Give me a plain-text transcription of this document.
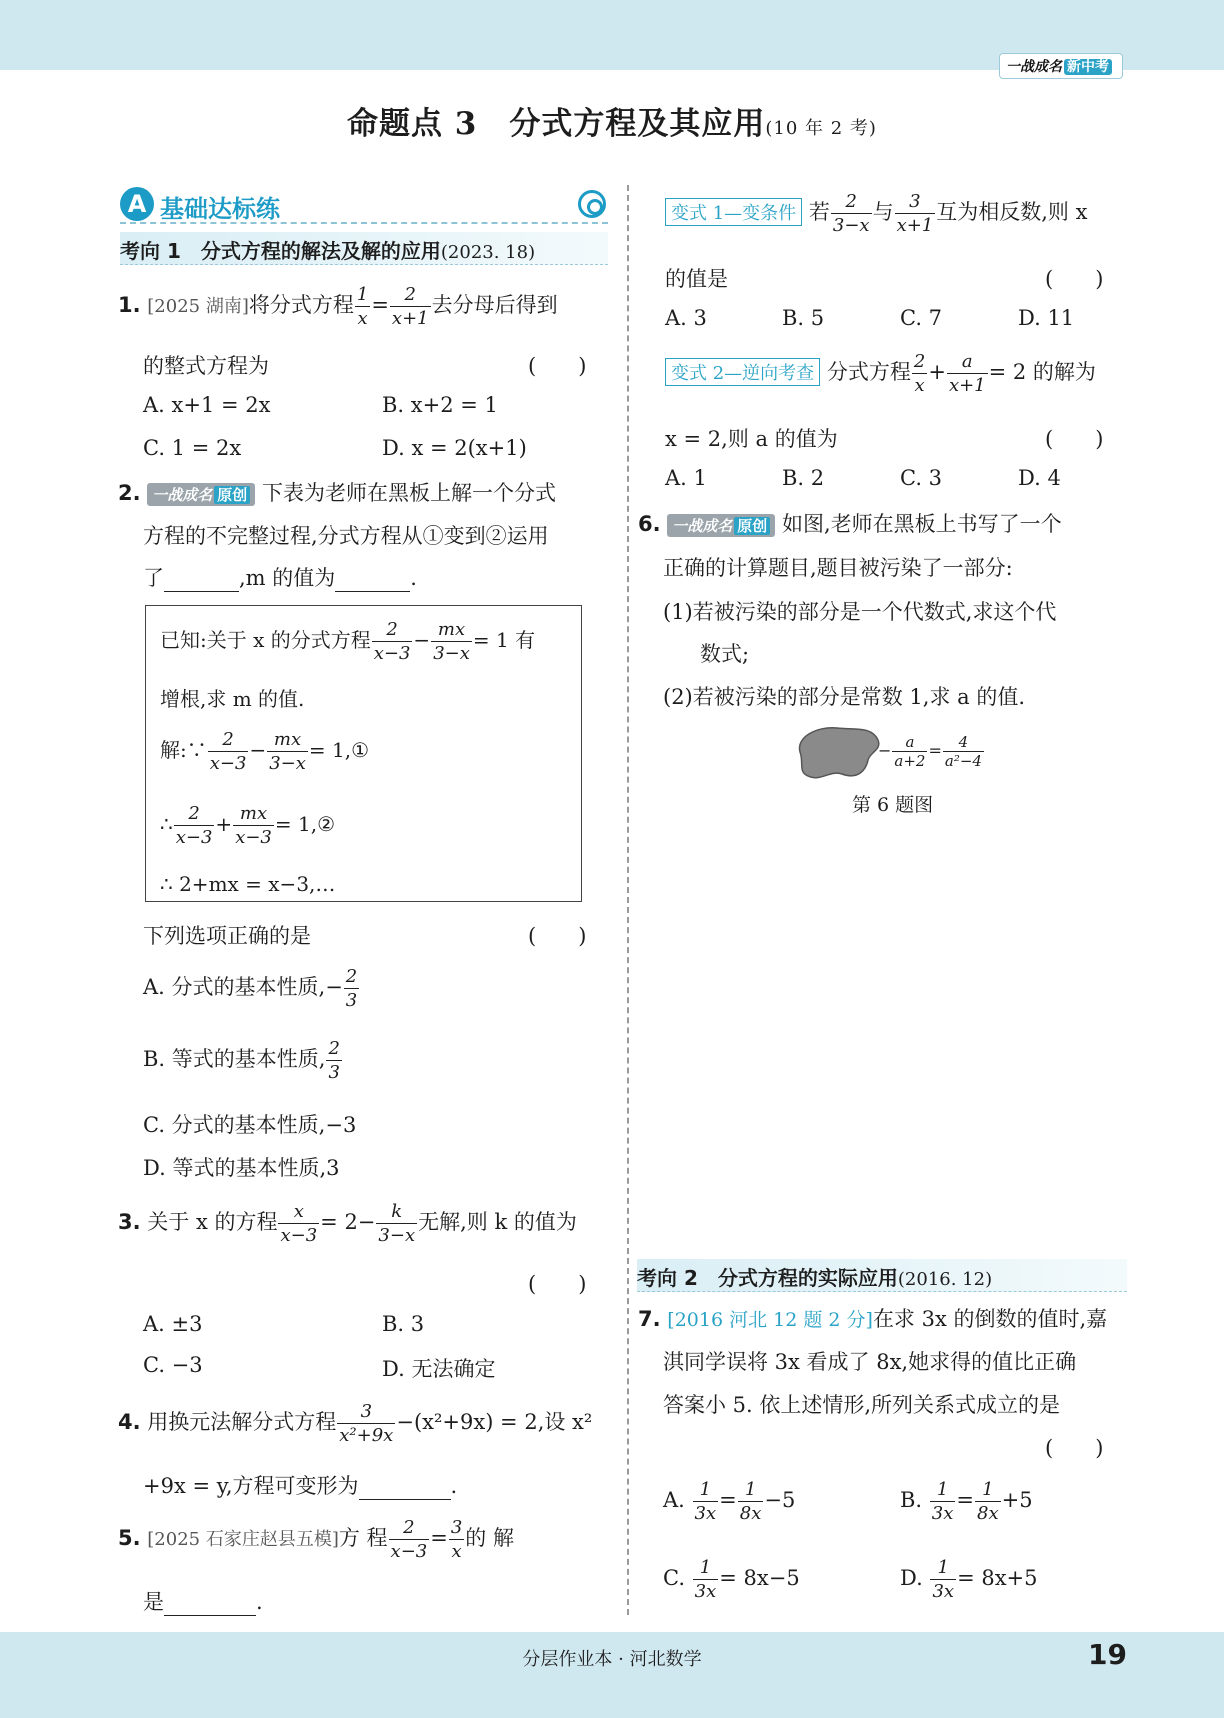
一战成名 新中考
命题点 3　分式方程及其应用(10 年 2 考)
A 基础达标练
考向 1　分式方程的解法及解的应用(2023. 18)
1. [2025 湖南]将分式方程 $\frac{1}{x} = \frac{2}{x+1}$ 去分母后得到
的整式方程为	(　　)
A. x+1 = 2x	B. x+2 = 1
C. 1 = 2x	D. x = 2(x+1)
2. 一战成名 原创 下表为老师在黑板上解一个分式
方程的不完整过程,分式方程从①变到②运用
了	,m 的值为	.
已知:关于 x 的分式方程 $\frac{2}{x-3} - \frac{mx}{3-x} = 1$ 有
增根,求 m 的值.
解:∵ $\frac{2}{x-3} - \frac{mx}{3-x}$ = 1,①
∴ $\frac{2}{x-3} + \frac{mx}{x-3}$ = 1,②
∴ 2+mx = x−3,…
下列选项正确的是	(　　)
A. 分式的基本性质,− $\frac{2}{3}$
B. 等式的基本性质, $\frac{2}{3}$
C. 分式的基本性质,−3
D. 等式的基本性质,3
3. 关于 x 的方程 $\frac{x}{x-3} = 2- \frac{k}{3-x}$ 无解,则 k 的值为
(　　)
A. ±3	B. 3
C. −3	D. 无法确定
4. 用换元法解分式方程 $\frac{3}{\text{x²+9x}} -(x^2+9x) = 2$,设 x²
+9x = y,方程可变形为	.
5. [2025 石家庄赵县五模]方 程 $\frac{2}{x-3} = \frac{3}{x}$ 的 解
是	.
变式 1—变条件 若 $\frac{2}{3-x}$ 与 $\frac{3}{x+1}$ 互为相反数,则 x
的值是	(　　)
A. 3	B. 5	C. 7	D. 11
变式 2—逆向考查 分式方程 $\frac{2}{x} + \frac{a}{x+1} = 2$ 的解为
x = 2,则 a 的值为	(　　)
A. 1	B. 2	C. 3	D. 4
6. 一战成名 原创 如图,老师在黑板上书写了一个
正确的计算题目,题目被污染了一部分:
(1)若被污染的部分是一个代数式,求这个代
数式;
(2)若被污染的部分是常数 1,求 a 的值.
− $\frac{a}{a+2} = \frac{4}{\text{a²−4}}$
第 6 题图
考向 2　分式方程的实际应用(2016. 12)
7. [2016 河北 12 题 2 分]在求 3x 的倒数的值时,嘉
淇同学误将 3x 看成了 8x,她求得的值比正确
答案小 5. 依上述情形,所列关系式成立的是
(　　)
A. $\frac{1}{3x} = \frac{1}{8x} -5$	B. $\frac{1}{3x} = \frac{1}{8x} +5$
C. $\frac{1}{3x} = 8x-5$	D. $\frac{1}{3x} = 8x+5$
分层作业本 · 河北数学	19
